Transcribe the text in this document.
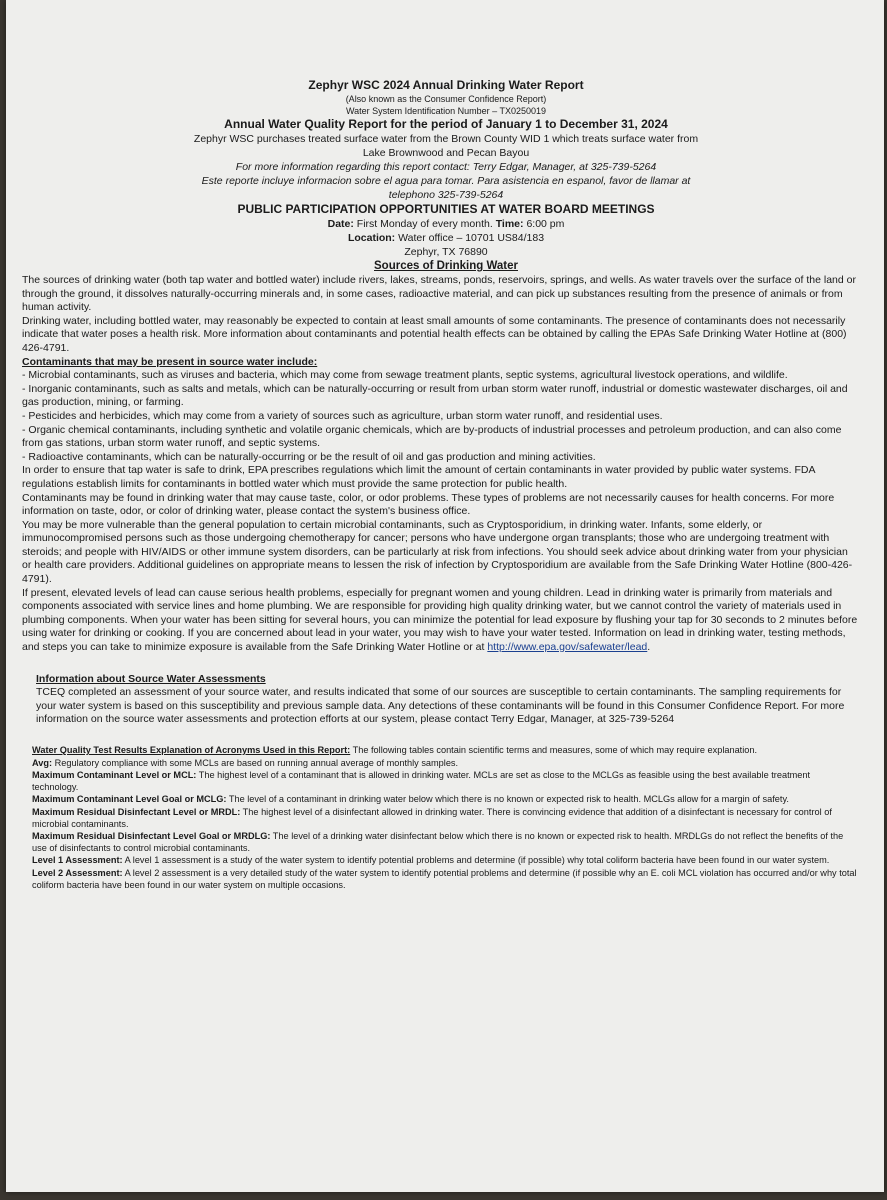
Zephyr WSC 2024 Annual Drinking Water Report
(Also known as the Consumer Confidence Report)
Water System Identification Number – TX0250019
Annual Water Quality Report for the period of January 1 to December 31, 2024
Zephyr WSC purchases treated surface water from the Brown County WID 1 which treats surface water from
Lake Brownwood and Pecan Bayou
For more information regarding this report contact: Terry Edgar, Manager, at 325-739-5264
Este reporte incluye informacion sobre el agua para tomar. Para asistencia en espanol, favor de llamar at
telephono 325-739-5264
PUBLIC PARTICIPATION OPPORTUNITIES AT WATER BOARD MEETINGS
Date: First Monday of every month. Time: 6:00 pm
Location: Water office – 10701 US84/183
Zephyr, TX 76890
Sources of Drinking Water

The sources of drinking water (both tap water and bottled water) include rivers, lakes, streams, ponds, reservoirs, springs, and wells. As water travels over the surface of the land or through the ground, it dissolves naturally-occurring minerals and, in some cases, radioactive material, and can pick up substances resulting from the presence of animals or from human activity.

Drinking water, including bottled water, may reasonably be expected to contain at least small amounts of some contaminants. The presence of contaminants does not necessarily indicate that water poses a health risk. More information about contaminants and potential health effects can be obtained by calling the EPAs Safe Drinking Water Hotline at (800) 426-4791.

Contaminants that may be present in source water include:

- Microbial contaminants, such as viruses and bacteria, which may come from sewage treatment plants, septic systems, agricultural livestock operations, and wildlife.

- Inorganic contaminants, such as salts and metals, which can be naturally-occurring or result from urban storm water runoff, industrial or domestic wastewater discharges, oil and gas production, mining, or farming.

- Pesticides and herbicides, which may come from a variety of sources such as agriculture, urban storm water runoff, and residential uses.

- Organic chemical contaminants, including synthetic and volatile organic chemicals, which are by-products of industrial processes and petroleum production, and can also come from gas stations, urban storm water runoff, and septic systems.

- Radioactive contaminants, which can be naturally-occurring or be the result of oil and gas production and mining activities.

In order to ensure that tap water is safe to drink, EPA prescribes regulations which limit the amount of certain contaminants in water provided by public water systems. FDA regulations establish limits for contaminants in bottled water which must provide the same protection for public health.

Contaminants may be found in drinking water that may cause taste, color, or odor problems. These types of problems are not necessarily causes for health concerns. For more information on taste, odor, or color of drinking water, please contact the system's business office.

You may be more vulnerable than the general population to certain microbial contaminants, such as Cryptosporidium, in drinking water. Infants, some elderly, or immunocompromised persons such as those undergoing chemotherapy for cancer; persons who have undergone organ transplants; those who are undergoing treatment with steroids; and people with HIV/AIDS or other immune system disorders, can be particularly at risk from infections. You should seek advice about drinking water from your physician or health care providers. Additional guidelines on appropriate means to lessen the risk of infection by Cryptosporidium are available from the Safe Drinking Water Hotline (800-426-4791).

If present, elevated levels of lead can cause serious health problems, especially for pregnant women and young children. Lead in drinking water is primarily from materials and components associated with service lines and home plumbing. We are responsible for providing high quality drinking water, but we cannot control the variety of materials used in plumbing components. When your water has been sitting for several hours, you can minimize the potential for lead exposure by flushing your tap for 30 seconds to 2 minutes before using water for drinking or cooking. If you are concerned about lead in your water, you may wish to have your water tested. Information on lead in drinking water, testing methods, and steps you can take to minimize exposure is available from the Safe Drinking Water Hotline or at http://www.epa.gov/safewater/lead.

Information about Source Water Assessments

TCEQ completed an assessment of your source water, and results indicated that some of our sources are susceptible to certain contaminants. The sampling requirements for your water system is based on this susceptibility and previous sample data. Any detections of these contaminants will be found in this Consumer Confidence Report. For more information on the source water assessments and protection efforts at our system, please contact Terry Edgar, Manager, at 325-739-5264

Water Quality Test Results Explanation of Acronyms Used in this Report: The following tables contain scientific terms and measures, some of which may require explanation.

Avg: Regulatory compliance with some MCLs are based on running annual average of monthly samples.

Maximum Contaminant Level or MCL: The highest level of a contaminant that is allowed in drinking water. MCLs are set as close to the MCLGs as feasible using the best available treatment technology.

Maximum Contaminant Level Goal or MCLG: The level of a contaminant in drinking water below which there is no known or expected risk to health. MCLGs allow for a margin of safety.

Maximum Residual Disinfectant Level or MRDL: The highest level of a disinfectant allowed in drinking water. There is convincing evidence that addition of a disinfectant is necessary for control of microbial contaminants.

Maximum Residual Disinfectant Level Goal or MRDLG: The level of a drinking water disinfectant below which there is no known or expected risk to health. MRDLGs do not reflect the benefits of the use of disinfectants to control microbial contaminants.

Level 1 Assessment: A level 1 assessment is a study of the water system to identify potential problems and determine (if possible) why total coliform bacteria have been found in our water system.

Level 2 Assessment: A level 2 assessment is a very detailed study of the water system to identify potential problems and determine (if possible why an E. coli MCL violation has occurred and/or why total coliform bacteria have been found in our water system on multiple occasions.
